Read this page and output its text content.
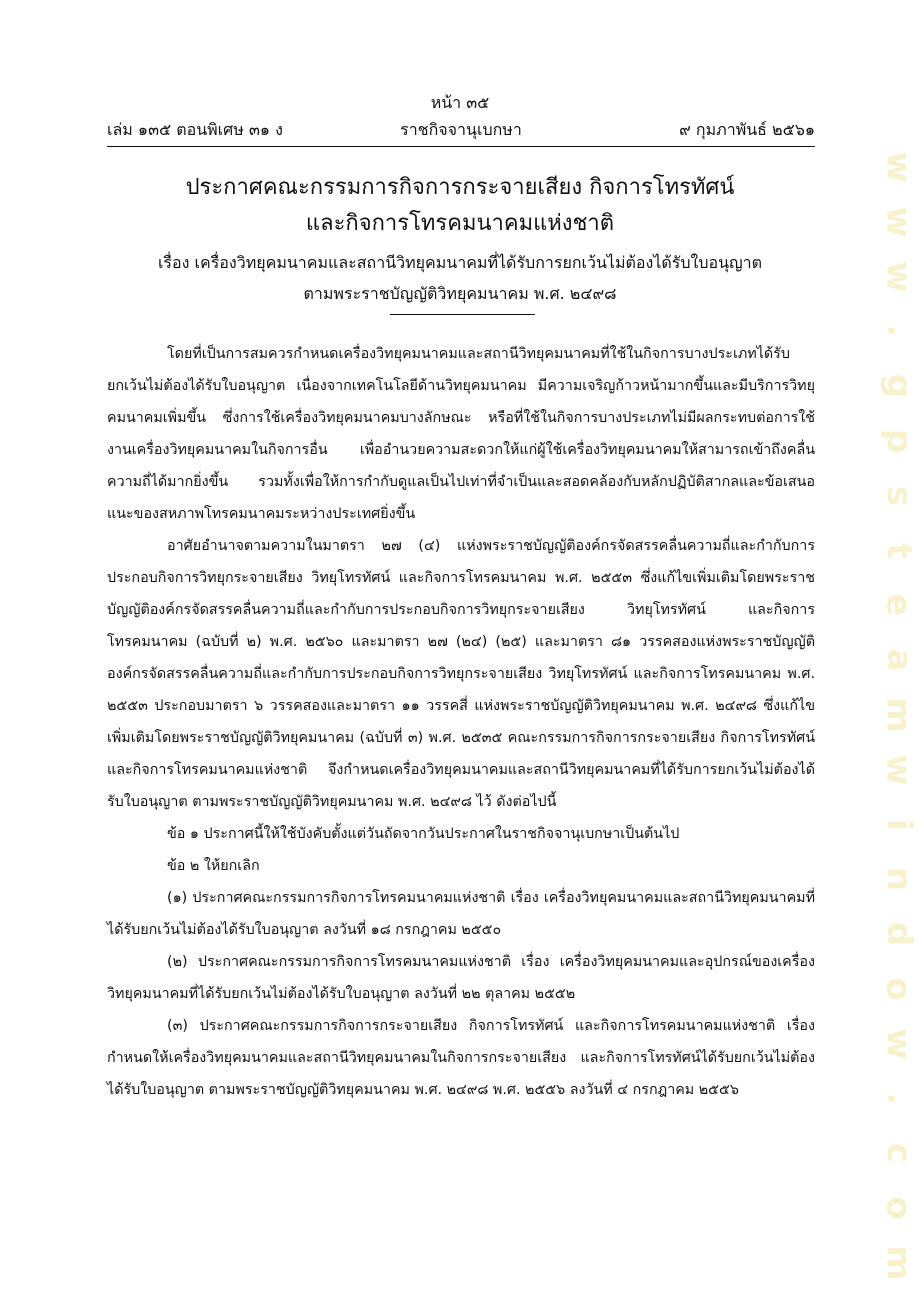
หน้า ๓๕
เล่ม ๑๓๕ ตอนพิเศษ ๓๑ ง	ราชกิจจานุเบกษา	๙ กุมภาพันธ์ ๒๕๖๑
ประกาศคณะกรรมการกิจการกระจายเสียง กิจการโทรทัศน์
และกิจการโทรคมนาคมแห่งชาติ
เรื่อง เครื่องวิทยุคมนาคมและสถานีวิทยุคมนาคมที่ได้รับการยกเว้นไม่ต้องได้รับใบอนุญาต
ตามพระราชบัญญัติวิทยุคมนาคม พ.ศ. ๒๔๙๘

โดยที่เป็นการสมควรกำหนดเครื่องวิทยุคมนาคมและสถานีวิทยุคมนาคมที่ใช้ในกิจการบางประเภทได้รับยกเว้นไม่ต้องได้รับใบอนุญาต เนื่องจากเทคโนโลยีด้านวิทยุคมนาคม มีความเจริญก้าวหน้ามากขึ้นและมีบริการวิทยุคมนาคมเพิ่มขึ้น ซึ่งการใช้เครื่องวิทยุคมนาคมบางลักษณะ หรือที่ใช้ในกิจการบางประเภทไม่มีผลกระทบต่อการใช้งานเครื่องวิทยุคมนาคมในกิจการอื่น เพื่ออำนวยความสะดวกให้แก่ผู้ใช้เครื่องวิทยุคมนาคมให้สามารถเข้าถึงคลื่นความถี่ได้มากยิ่งขึ้น รวมทั้งเพื่อให้การกำกับดูแลเป็นไปเท่าที่จำเป็นและสอดคล้องกับหลักปฏิบัติสากลและข้อเสนอแนะของสหภาพโทรคมนาคมระหว่างประเทศยิ่งขึ้น

อาศัยอำนาจตามความในมาตรา ๒๗ (๔) แห่งพระราชบัญญัติองค์กรจัดสรรคลื่นความถี่และกำกับการประกอบกิจการวิทยุกระจายเสียง วิทยุโทรทัศน์ และกิจการโทรคมนาคม พ.ศ. ๒๕๕๓ ซึ่งแก้ไขเพิ่มเติมโดยพระราชบัญญัติองค์กรจัดสรรคลื่นความถี่และกำกับการประกอบกิจการวิทยุกระจายเสียง วิทยุโทรทัศน์ และกิจการโทรคมนาคม (ฉบับที่ ๒) พ.ศ. ๒๕๖๐ และมาตรา ๒๗ (๒๔) (๒๕) และมาตรา ๘๑ วรรคสองแห่งพระราชบัญญัติองค์กรจัดสรรคลื่นความถี่และกำกับการประกอบกิจการวิทยุกระจายเสียง วิทยุโทรทัศน์ และกิจการโทรคมนาคม พ.ศ. ๒๕๕๓ ประกอบมาตรา ๖ วรรคสองและมาตรา ๑๑ วรรคสี่ แห่งพระราชบัญญัติวิทยุคมนาคม พ.ศ. ๒๔๙๘ ซึ่งแก้ไขเพิ่มเติมโดยพระราชบัญญัติวิทยุคมนาคม (ฉบับที่ ๓) พ.ศ. ๒๕๓๕ คณะกรรมการกิจการกระจายเสียง กิจการโทรทัศน์และกิจการโทรคมนาคมแห่งชาติ จึงกำหนดเครื่องวิทยุคมนาคมและสถานีวิทยุคมนาคมที่ได้รับการยกเว้นไม่ต้องได้รับใบอนุญาต ตามพระราชบัญญัติวิทยุคมนาคม พ.ศ. ๒๔๙๘ ไว้ ดังต่อไปนี้

ข้อ ๑ ประกาศนี้ให้ใช้บังคับตั้งแต่วันถัดจากวันประกาศในราชกิจจานุเบกษาเป็นต้นไป

ข้อ ๒ ให้ยกเลิก

(๑) ประกาศคณะกรรมการกิจการโทรคมนาคมแห่งชาติ เรื่อง เครื่องวิทยุคมนาคมและสถานีวิทยุคมนาคมที่ได้รับยกเว้นไม่ต้องได้รับใบอนุญาต ลงวันที่ ๑๘ กรกฎาคม ๒๕๕๐

(๒) ประกาศคณะกรรมการกิจการโทรคมนาคมแห่งชาติ เรื่อง เครื่องวิทยุคมนาคมและอุปกรณ์ของเครื่องวิทยุคมนาคมที่ได้รับยกเว้นไม่ต้องได้รับใบอนุญาต ลงวันที่ ๒๒ ตุลาคม ๒๕๕๒

(๓) ประกาศคณะกรรมการกิจการกระจายเสียง กิจการโทรทัศน์ และกิจการโทรคมนาคมแห่งชาติ เรื่อง กำหนดให้เครื่องวิทยุคมนาคมและสถานีวิทยุคมนาคมในกิจการกระจายเสียง และกิจการโทรทัศน์ได้รับยกเว้นไม่ต้องได้รับใบอนุญาต ตามพระราชบัญญัติวิทยุคมนาคม พ.ศ. ๒๔๙๘ พ.ศ. ๒๕๕๖ ลงวันที่ ๔ กรกฎาคม ๒๕๕๖

w
w
w
.
g
p
s
t
e
a
m
w
i
n
d
o
w
.
c
o
m
